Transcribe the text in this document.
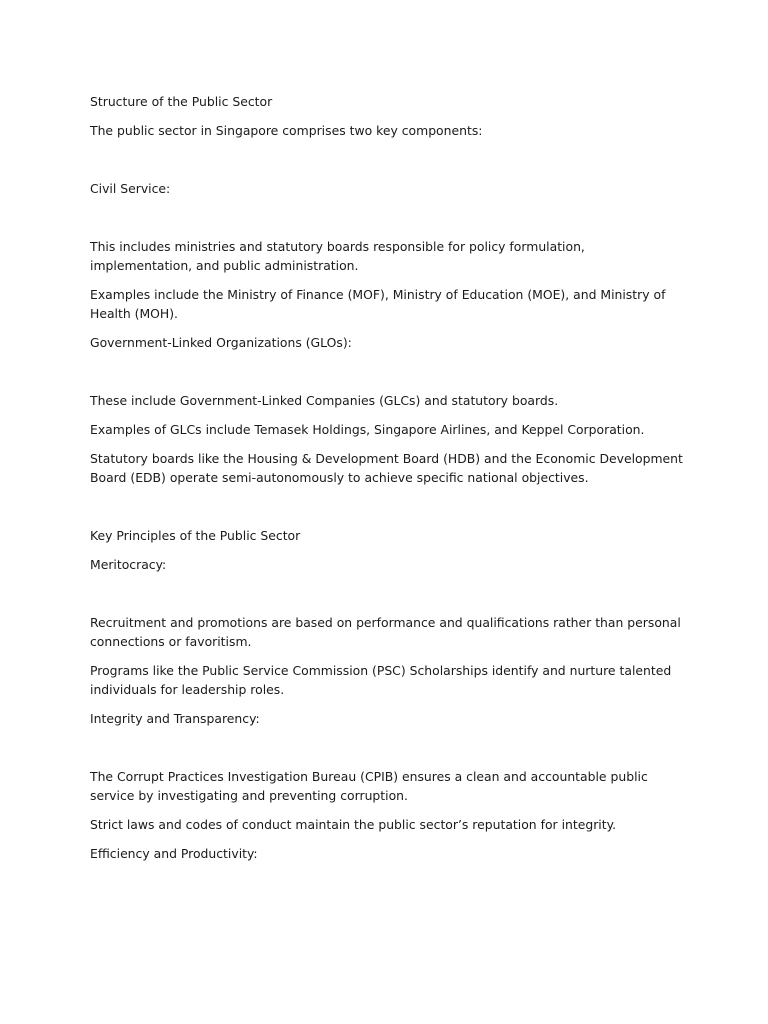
Structure of the Public Sector

The public sector in Singapore comprises two key components:

Civil Service:

This includes ministries and statutory boards responsible for policy formulation, implementation, and public administration.

Examples include the Ministry of Finance (MOF), Ministry of Education (MOE), and Ministry of Health (MOH).

Government-Linked Organizations (GLOs):

These include Government-Linked Companies (GLCs) and statutory boards.

Examples of GLCs include Temasek Holdings, Singapore Airlines, and Keppel Corporation.

Statutory boards like the Housing & Development Board (HDB) and the Economic Development Board (EDB) operate semi-autonomously to achieve specific national objectives.

Key Principles of the Public Sector

Meritocracy:

Recruitment and promotions are based on performance and qualifications rather than personal connections or favoritism.

Programs like the Public Service Commission (PSC) Scholarships identify and nurture talented individuals for leadership roles.

Integrity and Transparency:

The Corrupt Practices Investigation Bureau (CPIB) ensures a clean and accountable public service by investigating and preventing corruption.

Strict laws and codes of conduct maintain the public sector’s reputation for integrity.

Efficiency and Productivity:
